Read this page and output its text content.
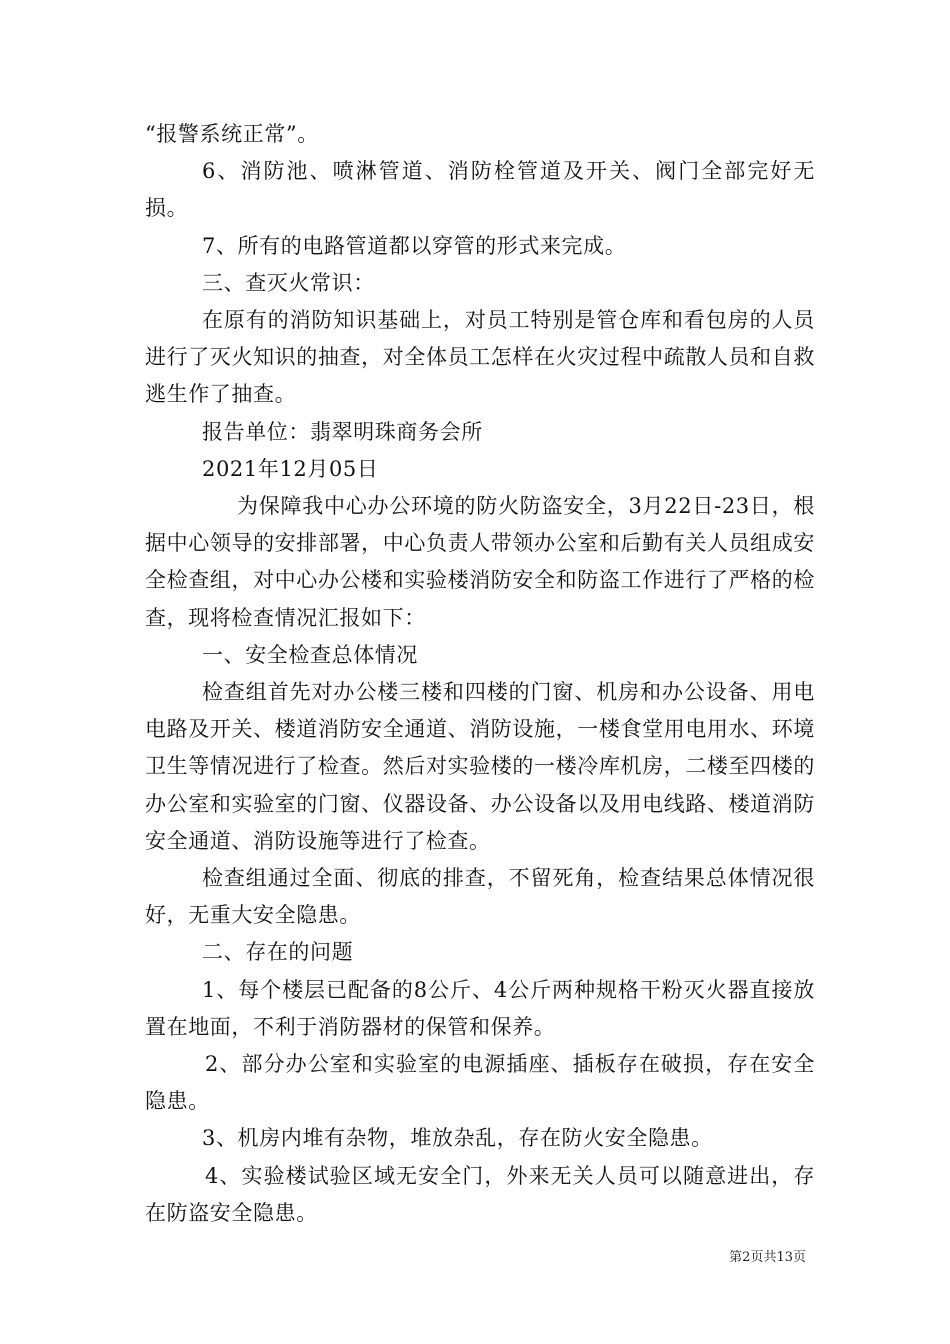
“报警系统正常”。

6、消防池、喷淋管道、消防栓管道及开关、阀门全部完好无损。

7、所有的电路管道都以穿管的形式来完成。

三、查灭火常识：

在原有的消防知识基础上，对员工特别是管仓库和看包房的人员进行了灭火知识的抽查，对全体员工怎样在火灾过程中疏散人员和自救逃生作了抽查。

报告单位：翡翠明珠商务会所

2021年12月05日

为保障我中心办公环境的防火防盗安全，3月22日-23日，根据中心领导的安排部署，中心负责人带领办公室和后勤有关人员组成安全检查组，对中心办公楼和实验楼消防安全和防盗工作进行了严格的检查，现将检查情况汇报如下：

一、安全检查总体情况

检查组首先对办公楼三楼和四楼的门窗、机房和办公设备、用电电路及开关、楼道消防安全通道、消防设施，一楼食堂用电用水、环境卫生等情况进行了检查。然后对实验楼的一楼冷库机房，二楼至四楼的办公室和实验室的门窗、仪器设备、办公设备以及用电线路、楼道消防安全通道、消防设施等进行了检查。

检查组通过全面、彻底的排查，不留死角，检查结果总体情况很好，无重大安全隐患。

二、存在的问题

1、每个楼层已配备的8公斤、4公斤两种规格干粉灭火器直接放置在地面，不利于消防器材的保管和保养。

2、部分办公室和实验室的电源插座、插板存在破损，存在安全隐患。

3、机房内堆有杂物，堆放杂乱，存在防火安全隐患。

4、实验楼试验区域无安全门，外来无关人员可以随意进出，存在防盗安全隐患。

第2页共13页
